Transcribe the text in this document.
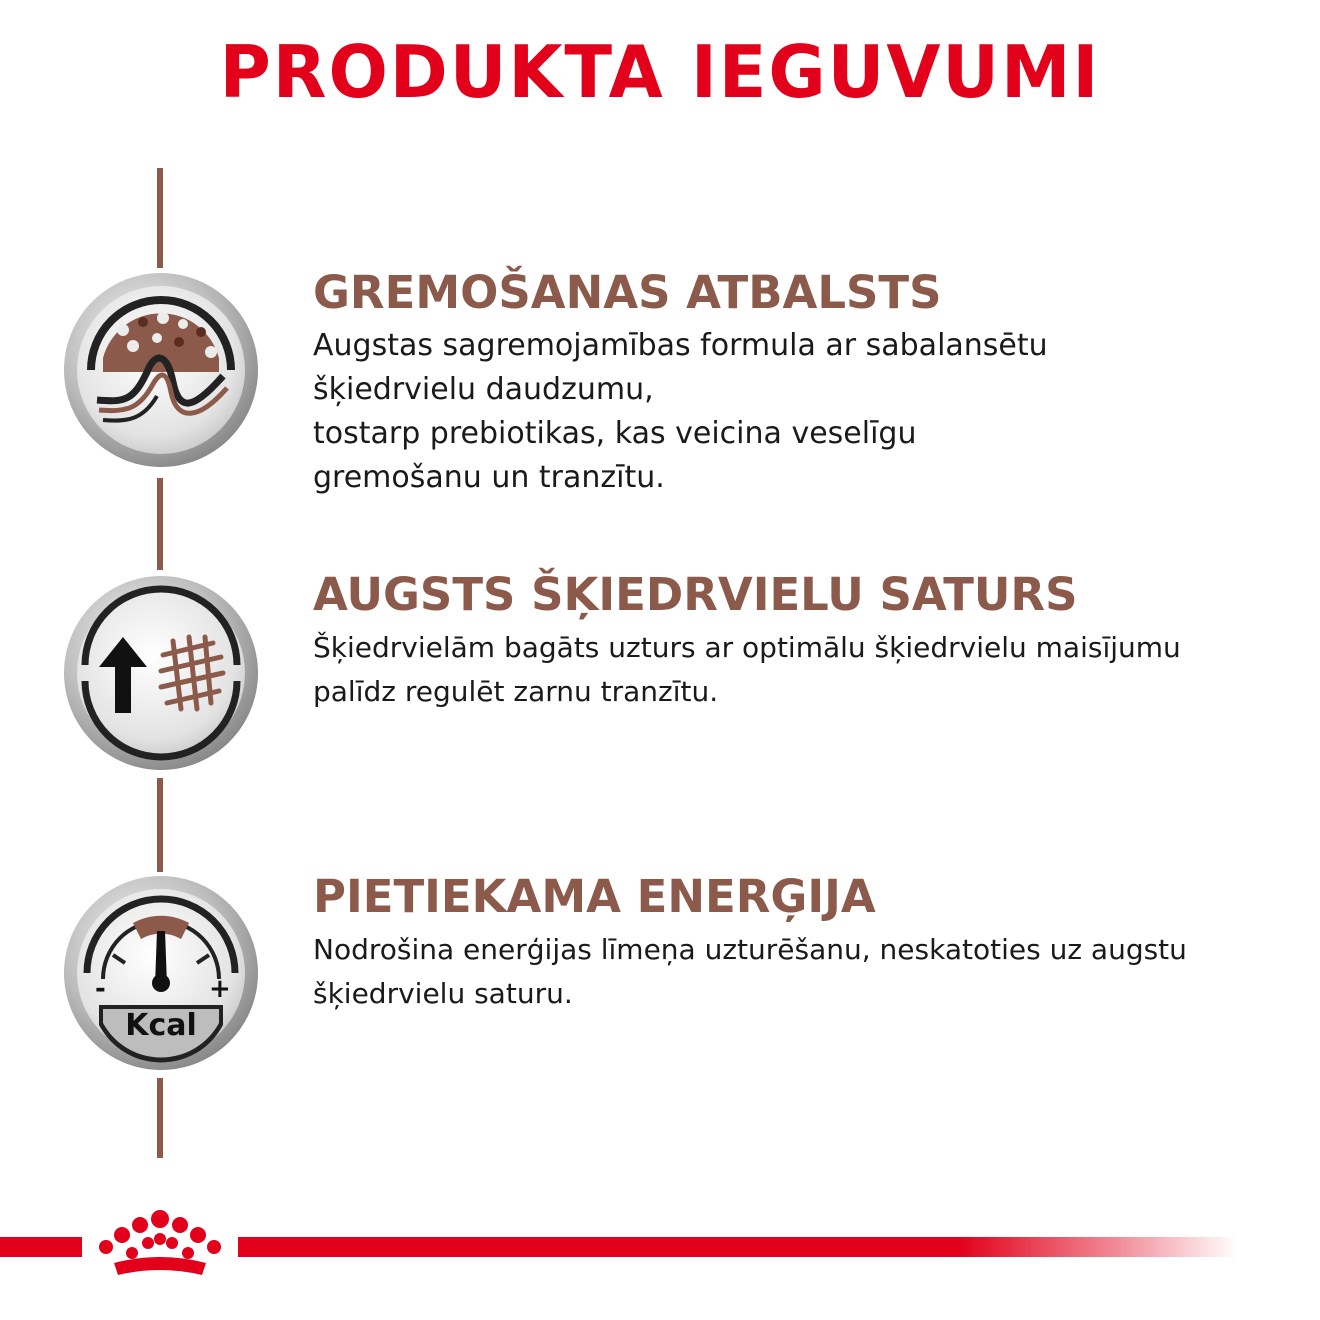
PRODUKTA IEGUVUMI
GREMOŠANAS ATBALSTS

Augstas sagremojamības formula ar sabalansētu
šķiedrvielu daudzumu,
tostarp prebiotikas, kas veicina veselīgu
gremošanu un tranzītu.

AUGSTS ŠĶIEDRVIELU SATURS

Šķiedrvielām bagāts uzturs ar optimālu šķiedrvielu maisījumu
palīdz regulēt zarnu tranzītu.

-	+
Kcal
PIETIEKAMA ENERĢIJA

Nodrošina enerģijas līmeņa uzturēšanu, neskatoties uz augstu
šķiedrvielu saturu.
